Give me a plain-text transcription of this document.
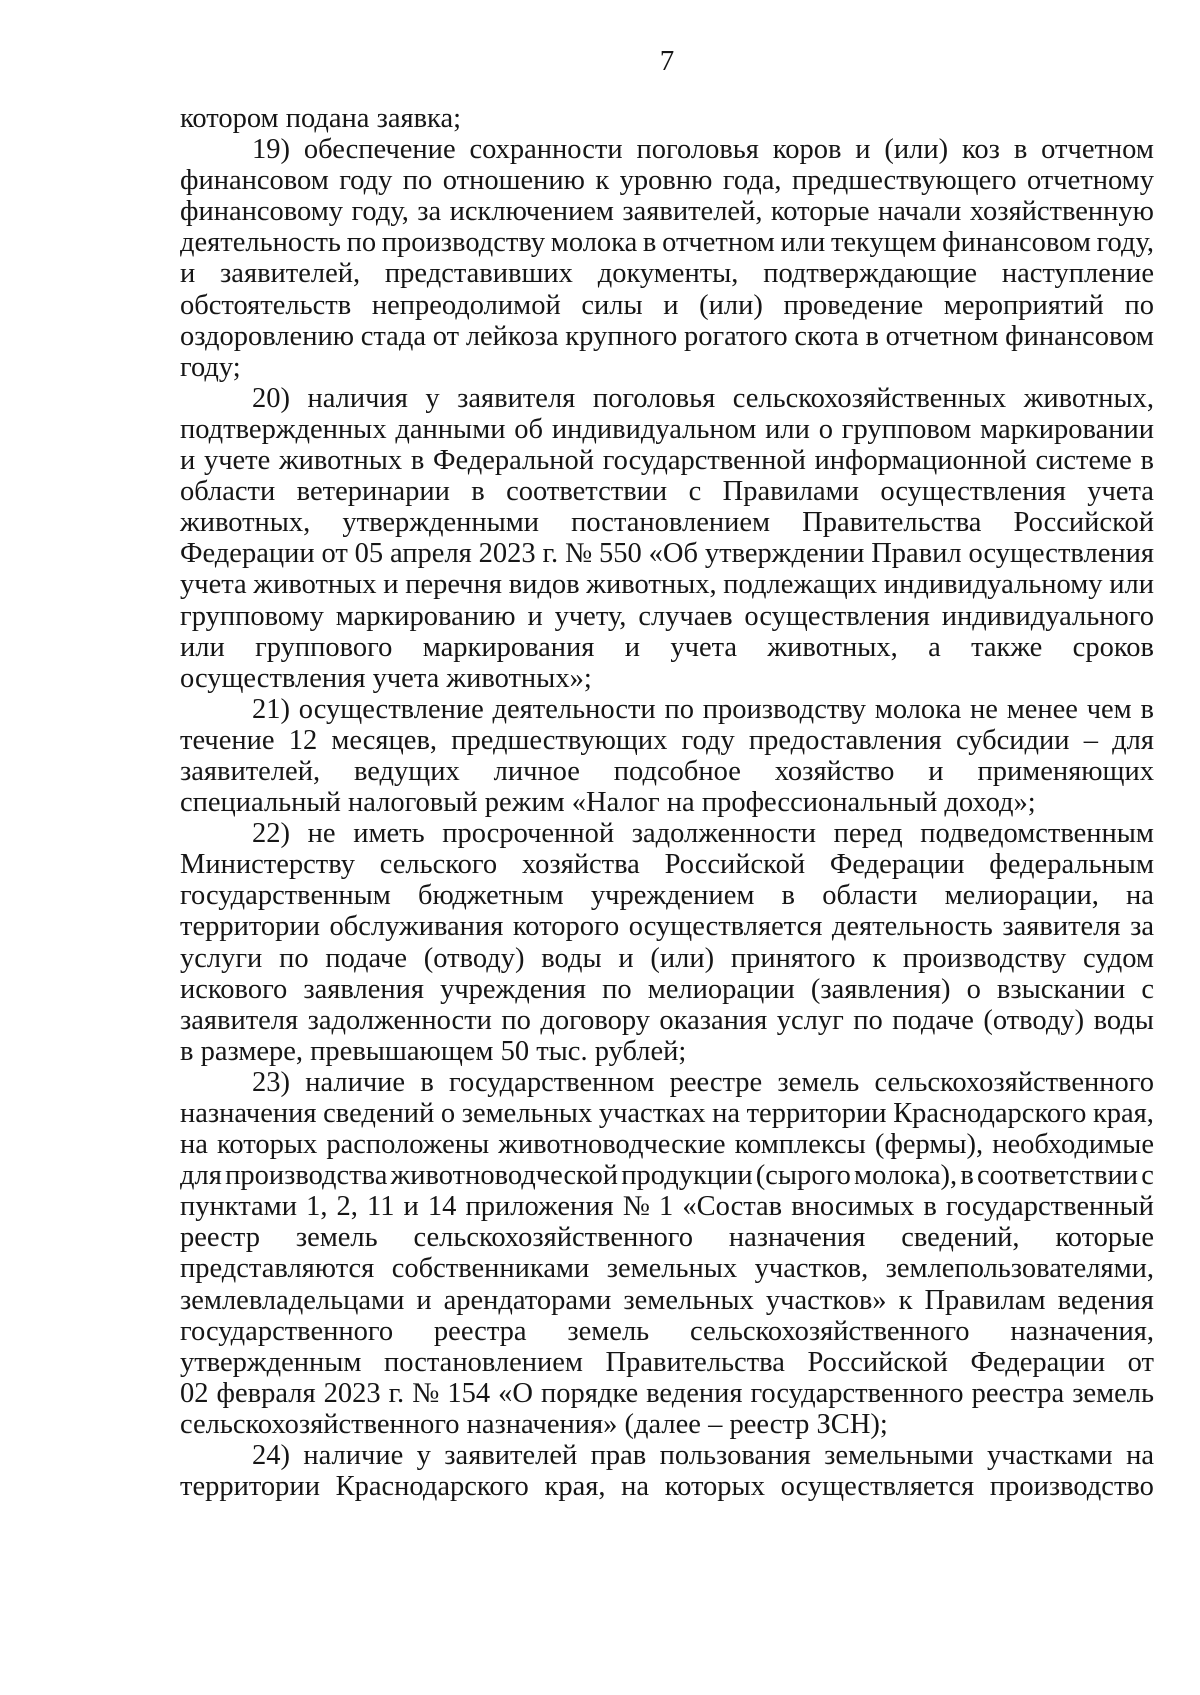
7
котором подана заявка;
19) обеспечение сохранности поголовья коров и (или) коз в отчетном
финансовом году по отношению к уровню года, предшествующего отчетному
финансовому году, за исключением заявителей, которые начали хозяйственную
деятельность по производству молока в отчетном или текущем финансовом году,
и заявителей, представивших документы, подтверждающие наступление
обстоятельств непреодолимой силы и (или) проведение мероприятий по
оздоровлению стада от лейкоза крупного рогатого скота в отчетном финансовом
году;
20) наличия у заявителя поголовья сельскохозяйственных животных,
подтвержденных данными об индивидуальном или о групповом маркировании
и учете животных в Федеральной государственной информационной системе в
области ветеринарии в соответствии с Правилами осуществления учета
животных, утвержденными постановлением Правительства Российской
Федерации от 05 апреля 2023 г. № 550 «Об утверждении Правил осуществления
учета животных и перечня видов животных, подлежащих индивидуальному или
групповому маркированию и учету, случаев осуществления индивидуального
или группового маркирования и учета животных, а также сроков
осуществления учета животных»;
21) осуществление деятельности по производству молока не менее чем в
течение 12 месяцев, предшествующих году предоставления субсидии – для
заявителей, ведущих личное подсобное хозяйство и применяющих
специальный налоговый режим «Налог на профессиональный доход»;
22) не иметь просроченной задолженности перед подведомственным
Министерству сельского хозяйства Российской Федерации федеральным
государственным бюджетным учреждением в области мелиорации, на
территории обслуживания которого осуществляется деятельность заявителя за
услуги по подаче (отводу) воды и (или) принятого к производству судом
искового заявления учреждения по мелиорации (заявления) о взыскании с
заявителя задолженности по договору оказания услуг по подаче (отводу) воды
в размере, превышающем 50 тыс. рублей;
23) наличие в государственном реестре земель сельскохозяйственного
назначения сведений о земельных участках на территории Краснодарского края,
на которых расположены животноводческие комплексы (фермы), необходимые
для производства животноводческой продукции (сырого молока), в соответствии с
пунктами 1, 2, 11 и 14 приложения № 1 «Состав вносимых в государственный
реестр земель сельскохозяйственного назначения сведений, которые
представляются собственниками земельных участков, землепользователями,
землевладельцами и арендаторами земельных участков» к Правилам ведения
государственного реестра земель сельскохозяйственного назначения,
утвержденным постановлением Правительства Российской Федерации от
02 февраля 2023 г. № 154 «О порядке ведения государственного реестра земель
сельскохозяйственного назначения» (далее – реестр ЗСН);
24) наличие у заявителей прав пользования земельными участками на
территории Краснодарского края, на которых осуществляется производство
